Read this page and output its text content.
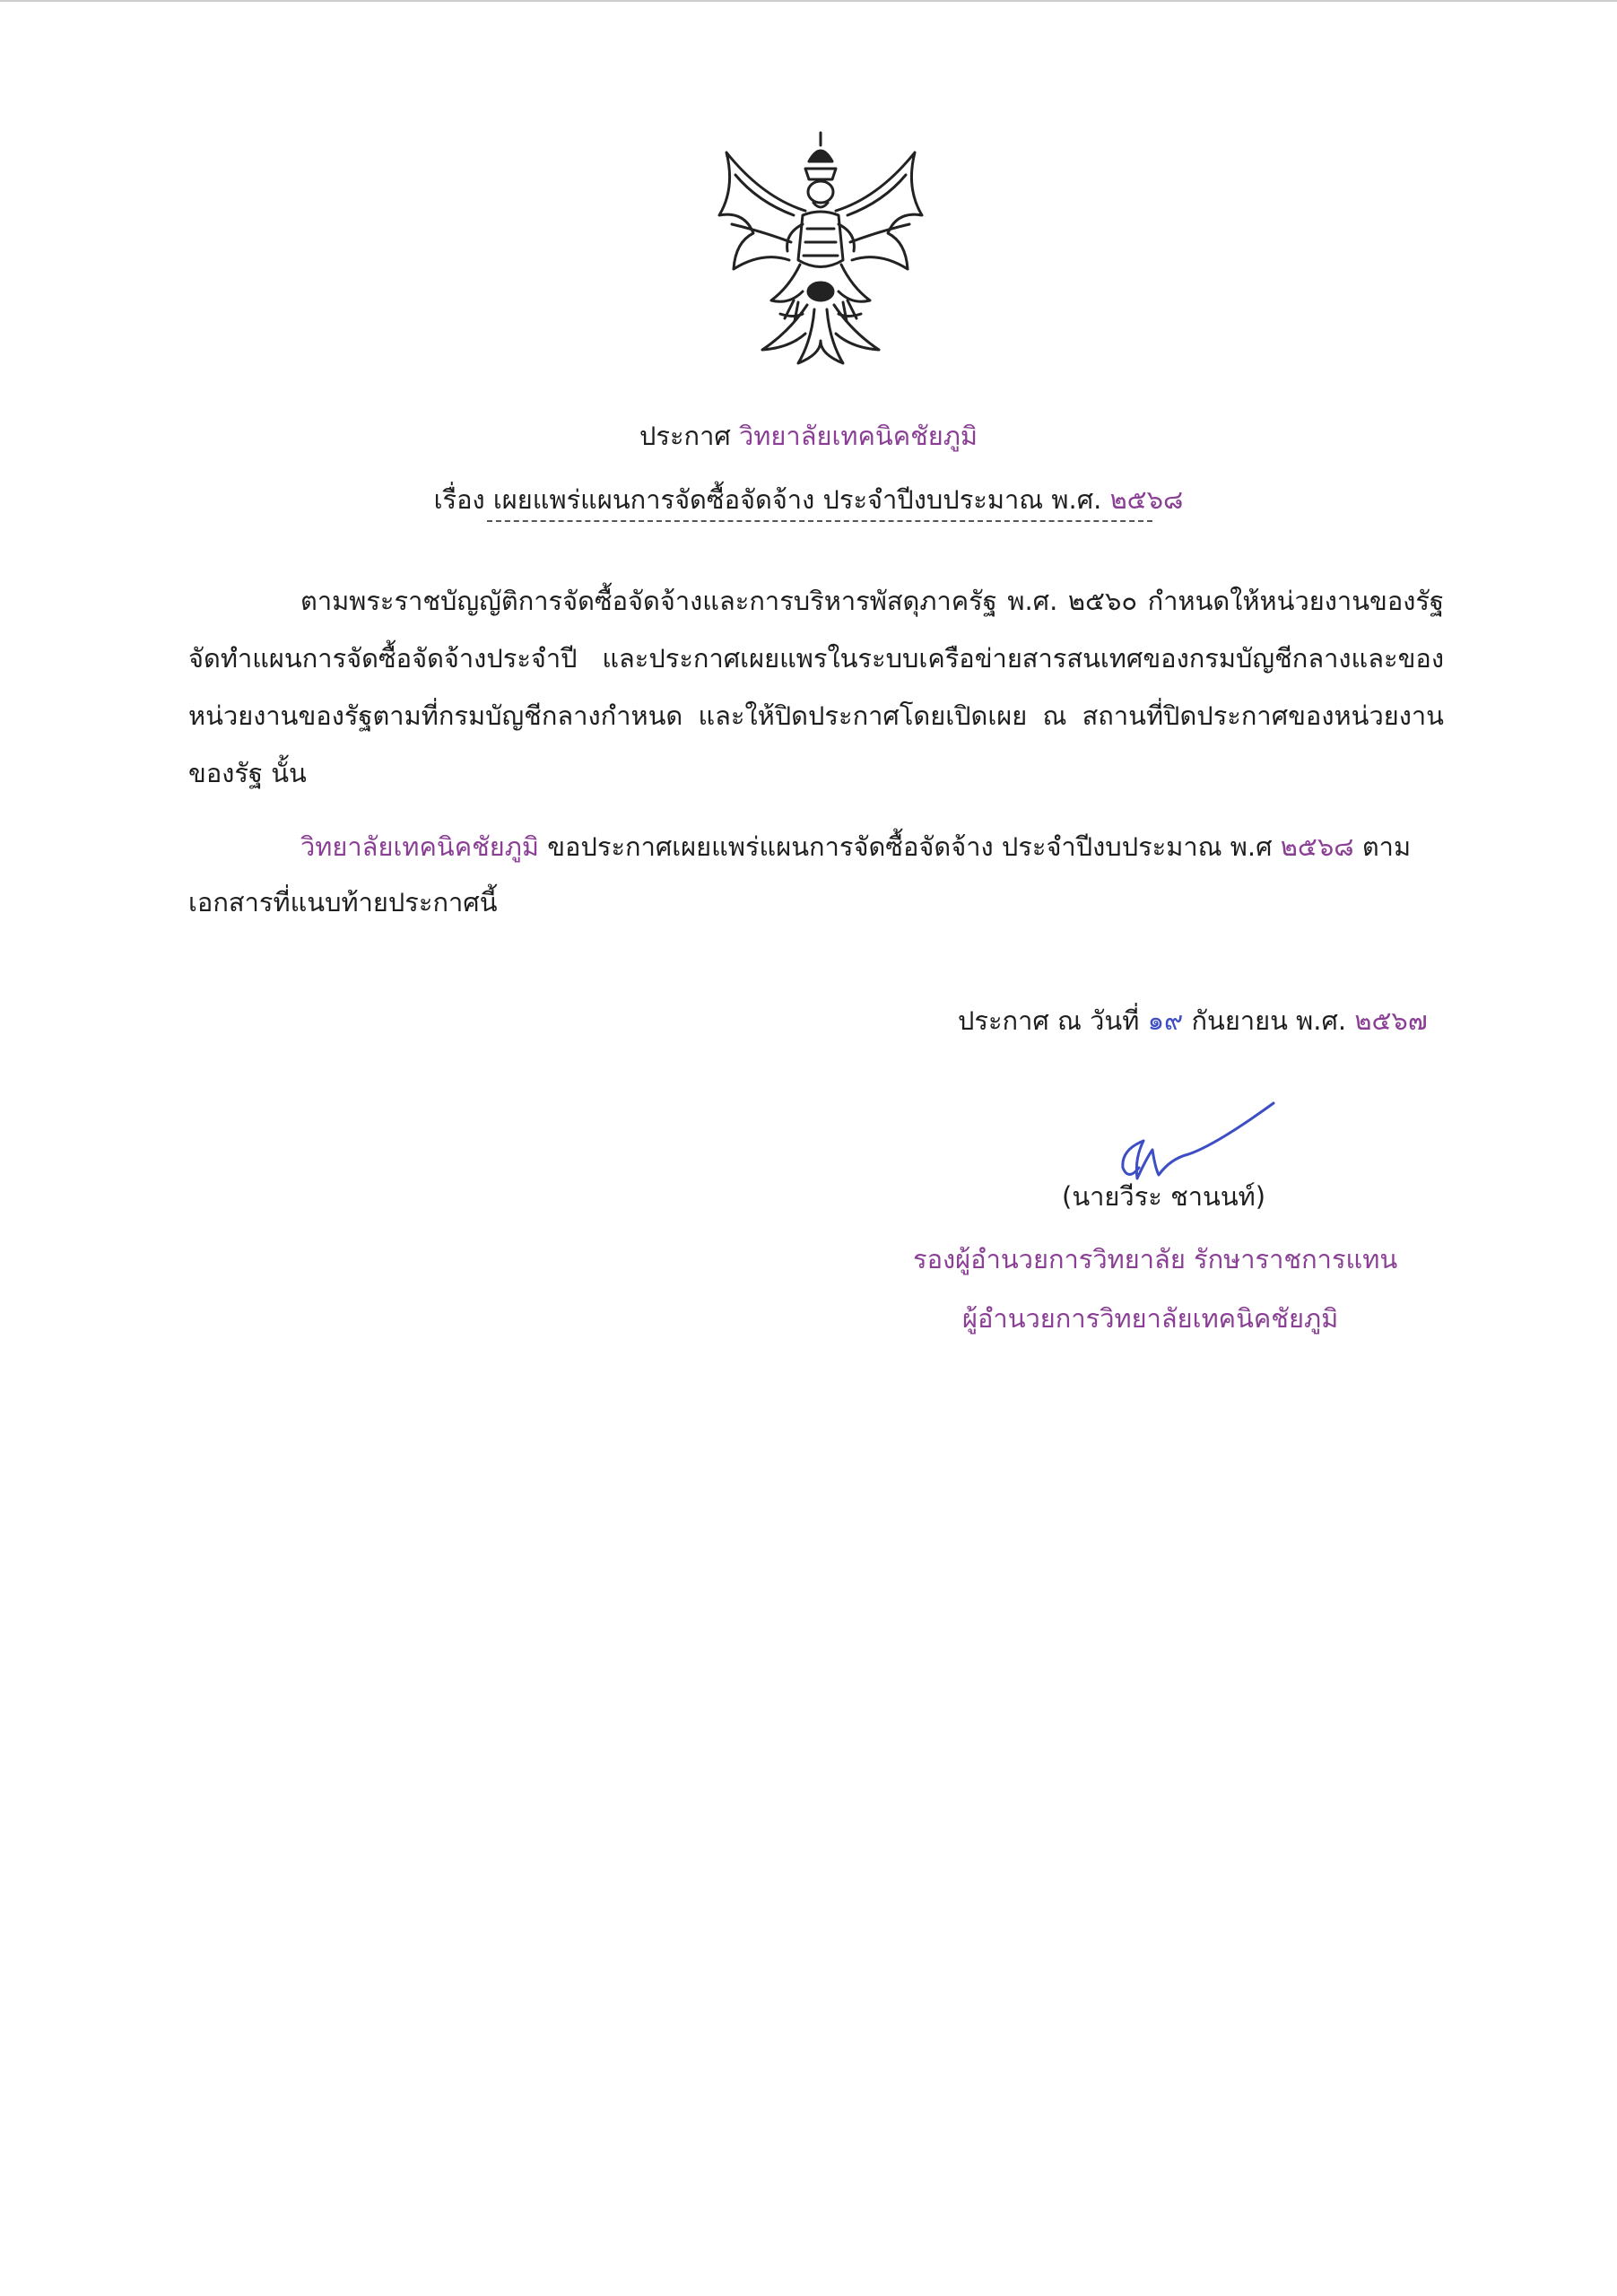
ประกาศ วิทยาลัยเทคนิคชัยภูมิ
เรื่อง เผยแพร่แผนการจัดซื้อจัดจ้าง ประจำปีงบประมาณ พ.ศ. ๒๕๖๘
ตามพระราชบัญญัติการจัดซื้อจัดจ้างและการบริหารพัสดุภาครัฐ พ.ศ. ๒๕๖๐ กำหนดให้หน่วยงานของรัฐ
จัดทำแผนการจัดซื้อจัดจ้างประจำปี และประกาศเผยแพรในระบบเครือข่ายสารสนเทศของกรมบัญชีกลางและของ
หน่วยงานของรัฐตามที่กรมบัญชีกลางกำหนด และให้ปิดประกาศโดยเปิดเผย ณ สถานที่ปิดประกาศของหน่วยงาน
ของรัฐ นั้น
วิทยาลัยเทคนิคชัยภูมิ ขอประกาศเผยแพร่แผนการจัดซื้อจัดจ้าง ประจำปีงบประมาณ พ.ศ ๒๕๖๘ ตาม
เอกสารที่แนบท้ายประกาศนี้
ประกาศ ณ วันที่ ๑๙ กันยายน พ.ศ. ๒๕๖๗
(นายวีระ ชานนท์)
รองผู้อำนวยการวิทยาลัย รักษาราชการแทน
ผู้อำนวยการวิทยาลัยเทคนิคชัยภูมิ
